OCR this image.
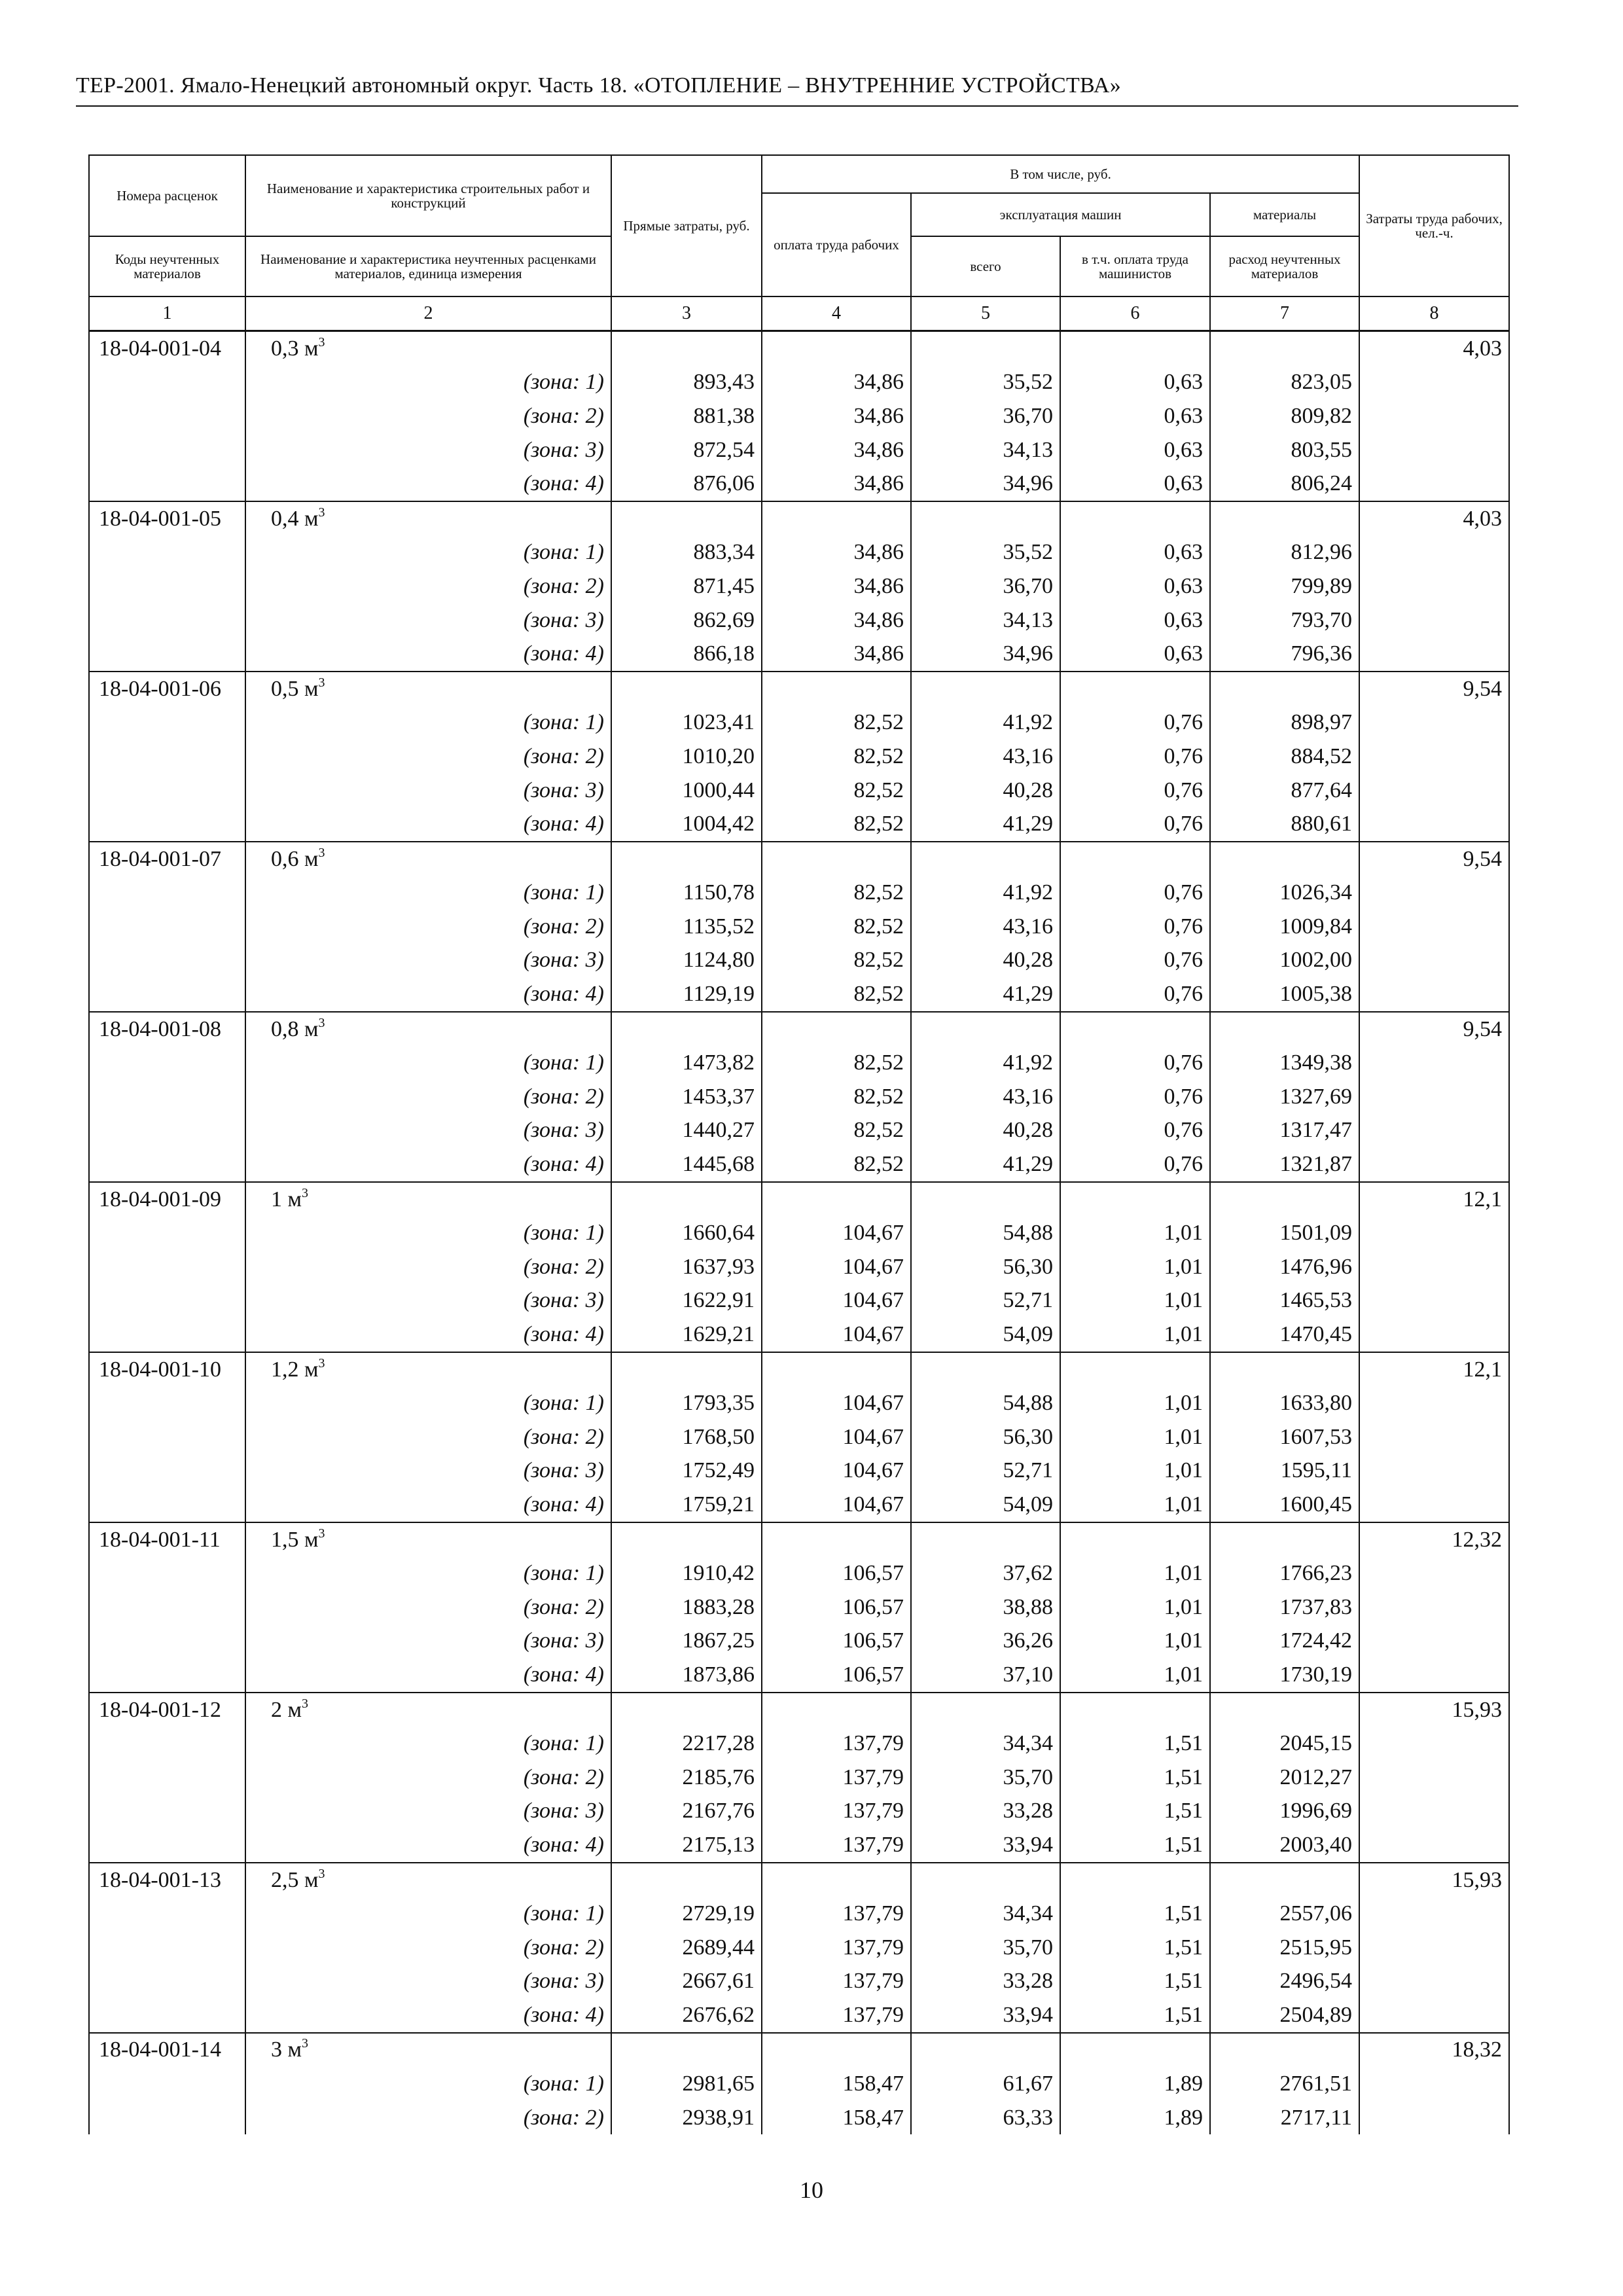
ТЕР-2001. Ямало-Ненецкий автономный округ. Часть 18. «ОТОПЛЕНИЕ – ВНУТРЕННИЕ УСТРОЙСТВА»
Номера расценок	Наименование и характеристика строительных работ и конструкций	Прямые затраты, руб.	В том числе, руб.				Затраты труда рабочих, чел.-ч.
			оплата труда рабочих	эксплуатация машин		материалы	
Коды неучтенных материалов	Наименование и характеристика неучтенных расценками материалов, единица измерения			всего	в т.ч. оплата труда машинистов	расход неучтенных материалов	
1	2	3	4	5	6	7	8
18-04-001-04	0,3 $м^3$						4,03
	(зона: 1)	893,43	34,86	35,52	0,63	823,05	
	(зона: 2)	881,38	34,86	36,70	0,63	809,82	
	(зона: 3)	872,54	34,86	34,13	0,63	803,55	
	(зона: 4)	876,06	34,86	34,96	0,63	806,24	
18-04-001-05	0,4 $м^3$						4,03
	(зона: 1)	883,34	34,86	35,52	0,63	812,96	
	(зона: 2)	871,45	34,86	36,70	0,63	799,89	
	(зона: 3)	862,69	34,86	34,13	0,63	793,70	
	(зона: 4)	866,18	34,86	34,96	0,63	796,36	
18-04-001-06	0,5 $м^3$						9,54
	(зона: 1)	1023,41	82,52	41,92	0,76	898,97	
	(зона: 2)	1010,20	82,52	43,16	0,76	884,52	
	(зона: 3)	1000,44	82,52	40,28	0,76	877,64	
	(зона: 4)	1004,42	82,52	41,29	0,76	880,61	
18-04-001-07	0,6 $м^3$						9,54
	(зона: 1)	1150,78	82,52	41,92	0,76	1026,34	
	(зона: 2)	1135,52	82,52	43,16	0,76	1009,84	
	(зона: 3)	1124,80	82,52	40,28	0,76	1002,00	
	(зона: 4)	1129,19	82,52	41,29	0,76	1005,38	
18-04-001-08	0,8 $м^3$						9,54
	(зона: 1)	1473,82	82,52	41,92	0,76	1349,38	
	(зона: 2)	1453,37	82,52	43,16	0,76	1327,69	
	(зона: 3)	1440,27	82,52	40,28	0,76	1317,47	
	(зона: 4)	1445,68	82,52	41,29	0,76	1321,87	
18-04-001-09	1 $м^3$						12,1
	(зона: 1)	1660,64	104,67	54,88	1,01	1501,09	
	(зона: 2)	1637,93	104,67	56,30	1,01	1476,96	
	(зона: 3)	1622,91	104,67	52,71	1,01	1465,53	
	(зона: 4)	1629,21	104,67	54,09	1,01	1470,45	
18-04-001-10	1,2 $м^3$						12,1
	(зона: 1)	1793,35	104,67	54,88	1,01	1633,80	
	(зона: 2)	1768,50	104,67	56,30	1,01	1607,53	
	(зона: 3)	1752,49	104,67	52,71	1,01	1595,11	
	(зона: 4)	1759,21	104,67	54,09	1,01	1600,45	
18-04-001-11	1,5 $м^3$						12,32
	(зона: 1)	1910,42	106,57	37,62	1,01	1766,23	
	(зона: 2)	1883,28	106,57	38,88	1,01	1737,83	
	(зона: 3)	1867,25	106,57	36,26	1,01	1724,42	
	(зона: 4)	1873,86	106,57	37,10	1,01	1730,19	
18-04-001-12	2 $м^3$						15,93
	(зона: 1)	2217,28	137,79	34,34	1,51	2045,15	
	(зона: 2)	2185,76	137,79	35,70	1,51	2012,27	
	(зона: 3)	2167,76	137,79	33,28	1,51	1996,69	
	(зона: 4)	2175,13	137,79	33,94	1,51	2003,40	
18-04-001-13	2,5 $м^3$						15,93
	(зона: 1)	2729,19	137,79	34,34	1,51	2557,06	
	(зона: 2)	2689,44	137,79	35,70	1,51	2515,95	
	(зона: 3)	2667,61	137,79	33,28	1,51	2496,54	
	(зона: 4)	2676,62	137,79	33,94	1,51	2504,89	
18-04-001-14	3 $м^3$						18,32
	(зона: 1)	2981,65	158,47	61,67	1,89	2761,51	
	(зона: 2)	2938,91	158,47	63,33	1,89	2717,11	
10
